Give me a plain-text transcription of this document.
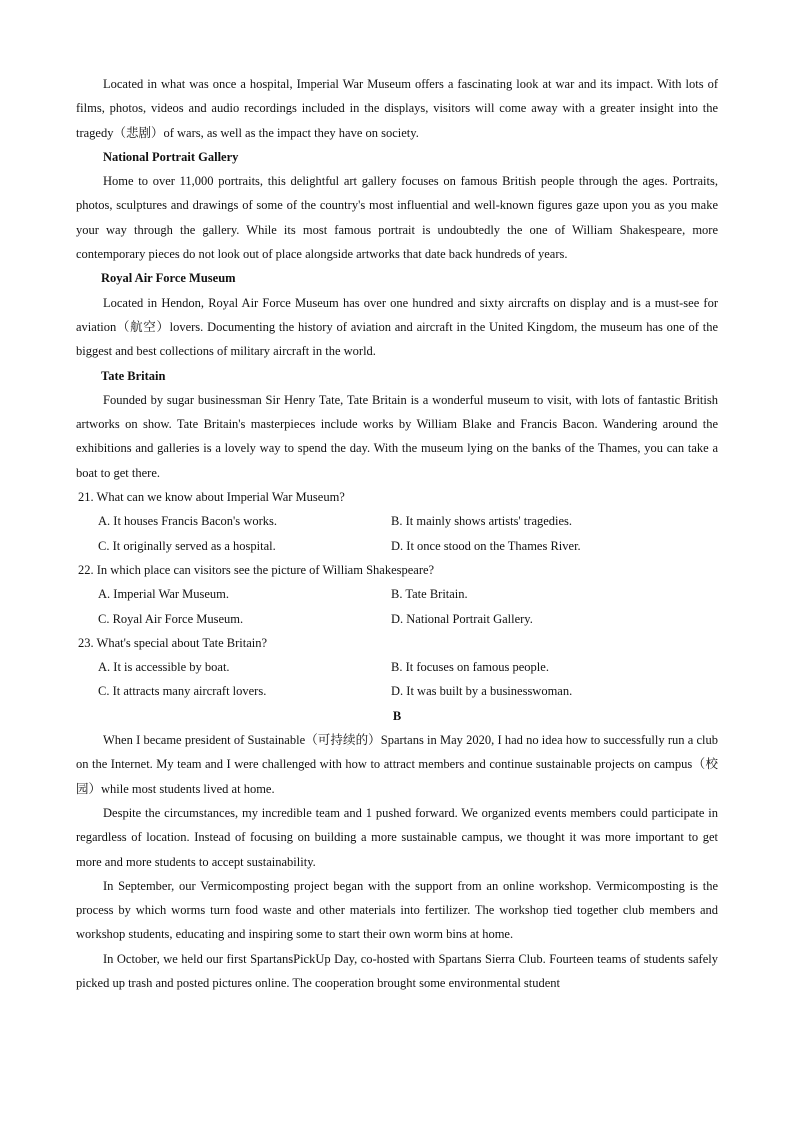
Located in what was once a hospital, Imperial War Museum offers a fascinating look at war and its impact. With lots of films, photos, videos and audio recordings included in the displays, visitors will come away with a greater insight into the tragedy（悲剧）of wars, as well as the impact they have on society.

National Portrait Gallery

Home to over 11,000 portraits, this delightful art gallery focuses on famous British people through the ages. Portraits, photos, sculptures and drawings of some of the country's most influential and well-known figures gaze upon you as you make your way through the gallery. While its most famous portrait is undoubtedly the one of William Shakespeare, more contemporary pieces do not look out of place alongside artworks that date back hundreds of years.

Royal Air Force Museum

Located in Hendon, Royal Air Force Museum has over one hundred and sixty aircrafts on display and is a must-see for aviation（航空）lovers. Documenting the history of aviation and aircraft in the United Kingdom, the museum has one of the biggest and best collections of military aircraft in the world.

Tate Britain

Founded by sugar businessman Sir Henry Tate, Tate Britain is a wonderful museum to visit, with lots of fantastic British artworks on show. Tate Britain's masterpieces include works by William Blake and Francis Bacon. Wandering around the exhibitions and galleries is a lovely way to spend the day. With the museum lying on the banks of the Thames, you can take a boat to get there.

21. What can we know about Imperial War Museum?

A. It houses Francis Bacon's works.	B. It mainly shows artists' tragedies.
C. It originally served as a hospital.	D. It once stood on the Thames River.

22. In which place can visitors see the picture of William Shakespeare?

A. Imperial War Museum.	B. Tate Britain.
C. Royal Air Force Museum.	D. National Portrait Gallery.

23. What's special about Tate Britain?

A. It is accessible by boat.	B. It focuses on famous people.
C. It attracts many aircraft lovers.	D. It was built by a businesswoman.

B

When I became president of Sustainable（可持续的）Spartans in May 2020, I had no idea how to successfully run a club on the Internet. My team and I were challenged with how to attract members and continue sustainable projects on campus（校园）while most students lived at home.

Despite the circumstances, my incredible team and 1 pushed forward. We organized events members could participate in regardless of location. Instead of focusing on building a more sustainable campus, we thought it was more important to get more and more students to accept sustainability.

In September, our Vermicomposting project began with the support from an online workshop. Vermicomposting is the process by which worms turn food waste and other materials into fertilizer. The workshop tied together club members and workshop students, educating and inspiring some to start their own worm bins at home.

In October, we held our first SpartansPickUp Day, co-hosted with Spartans Sierra Club. Fourteen teams of students safely picked up trash and posted pictures online. The cooperation brought some environmental student
